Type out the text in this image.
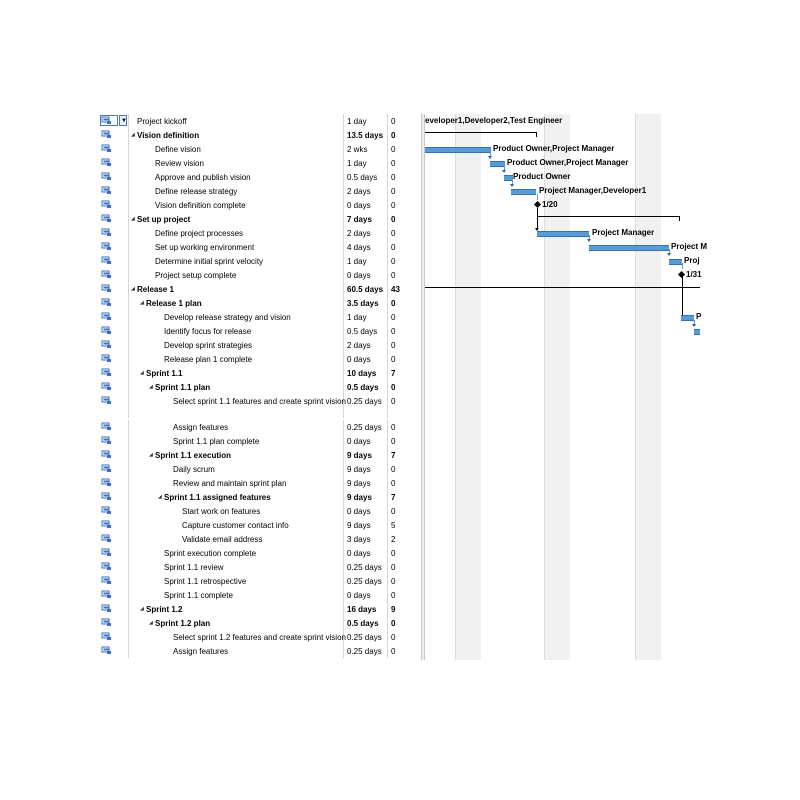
▼ Project kickoff	1 day	0
◢ Vision definition	13.5 days 0
Define vision	2 wks	0
Review vision	1 day	0
Approve and publish vision	0.5 days 0
Define release strategy	2 days	0
Vision definition complete	0 days	0
◢ Set up project	7 days 0
Define project processes	2 days	0
Set up working environment	4 days	0
Determine initial sprint velocity	1 day	0
Project setup complete	0 days	0
◢ Release 1	60.5 days 43
◢ Release 1 plan	3.5 days 0
Develop release strategy and vision	1 day	0
Identify focus for release	0.5 days 0
Develop sprint strategies	2 days	0
Release plan 1 complete	0 days	0
◢ Sprint 1.1	10 days 7
◢ Sprint 1.1 plan	0.5 days 0
Select sprint 1.1 features and create sprint vision 0.25 days 0
Assign features	0.25 days 0
Sprint 1.1 plan complete	0 days	0
◢ Sprint 1.1 execution	9 days 7
Daily scrum	9 days	0
Review and maintain sprint plan	9 days	0
◢ Sprint 1.1 assigned features	9 days 7
Start work on features	0 days	0
Capture customer contact info	9 days	5
Validate email address	3 days	2
Sprint execution complete	0 days	0
Sprint 1.1 review	0.25 days 0
Sprint 1.1 retrospective	0.25 days 0
Sprint 1.1 complete	0 days	0
◢ Sprint 1.2	16 days 9
◢ Sprint 1.2 plan	0.5 days 0
Select sprint 1.2 features and create sprint vision 0.25 days 0
Assign features	0.25 days 0
eveloper1,Developer2,Test Engineer
Product Owner,Project Manager
Product Owner,Project Manager
Product Owner
Project Manager,Developer1
1/20
Project Manager
Project M
Proj
1/31
P
